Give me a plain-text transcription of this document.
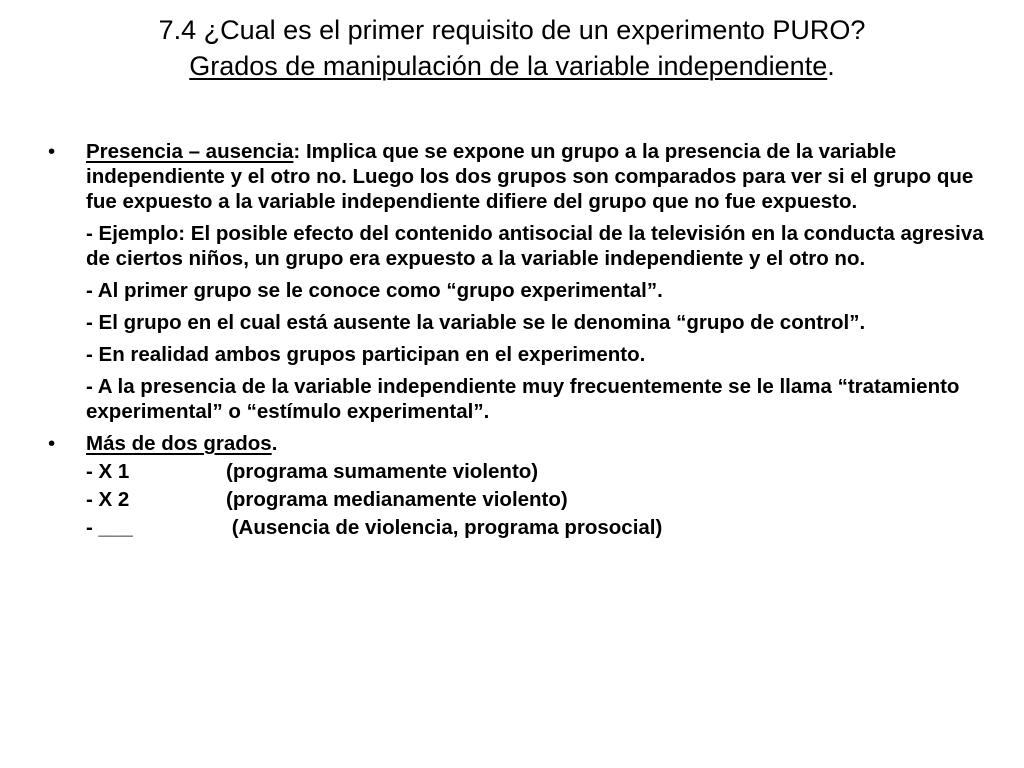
7.4 ¿Cual es el primer requisito de un experimento PURO?
Grados de manipulación de la variable independiente.
• Presencia – ausencia: Implica que se expone un grupo a la presencia de la variable independiente y el otro no. Luego los dos grupos son comparados para ver si el grupo que fue expuesto a la variable independiente difiere del grupo que no fue expuesto.
- Ejemplo: El posible efecto del contenido antisocial de la televisión en la conducta agresiva de ciertos niños, un grupo era expuesto a la variable independiente y el otro no.
- Al primer grupo se le conoce como “grupo experimental”.
- El grupo en el cual está ausente la variable se le denomina “grupo de control”.
- En realidad ambos grupos participan en el experimento.
- A la presencia de la variable independiente muy frecuentemente se le llama “tratamiento experimental” o “estímulo experimental”.
• Más de dos grados.
- X 1	(programa sumamente violento)
- X 2	(programa medianamente violento)
- ___	(Ausencia de violencia, programa prosocial)
